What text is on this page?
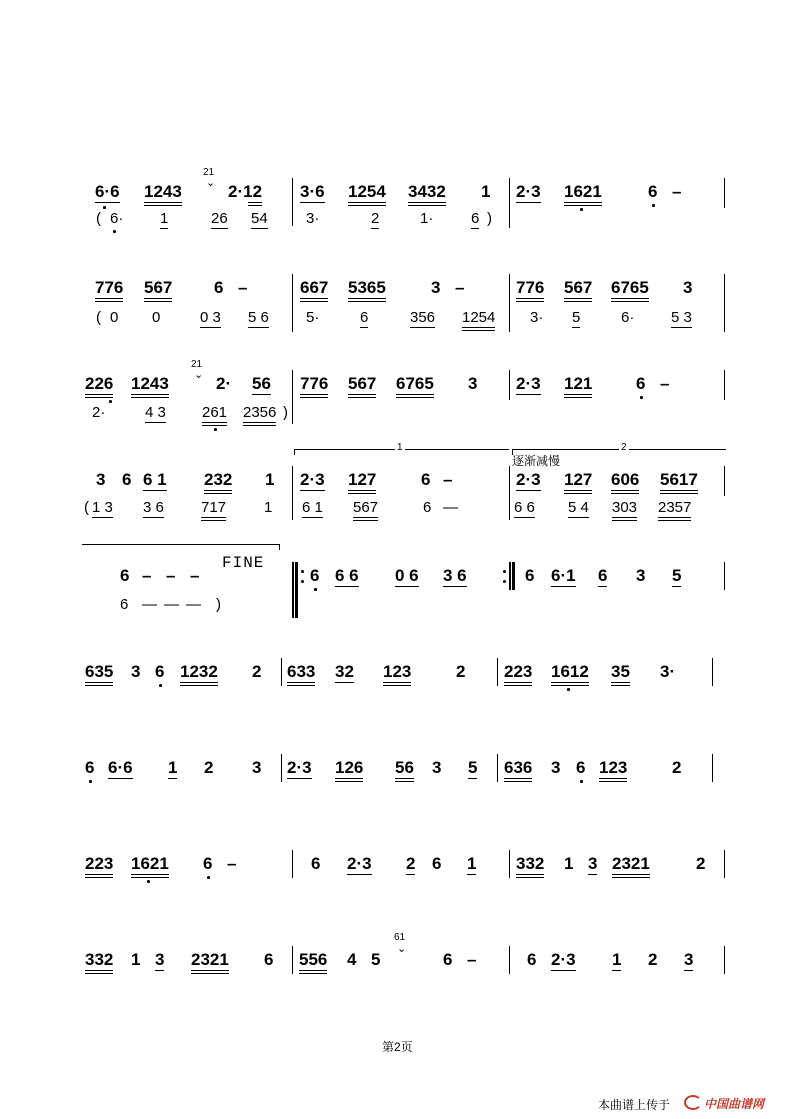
6·6 1243
21
⌄ 2·12 3·6 1254 3432 1 2·3 1621	6 –
( 6· 1	26 54	3·	2	1·	6 )
776 567 6 –	667 5365	3 –	776 567 6765 3
( 0 0	0 3 5 6 5·	6	356 1254 3· 5	6· 5 3
226 1243
21
⌄ 2· 56 776 567 6765 3 2·3 121	6 –
2·	4 3 261 2356 )
1	2
逐渐减慢
3 6 6 1 232 1 2·3 127	6 –	2·3 127 606 5617
( 1 3 3 6 717	1 6 1 567	6 —	6 6 5 4 303 2357
FINE
6 – – –	6 6 6 0 6 3 6	6 6·1 6 3 5
6 — — — )
635 3 6 1232 2 633 32 123	2 223 1612 35 3·
6 6·6 1 2 3 2·3 126 56 3 5 636 3 6 123	2
223 1621 6 –	6 2·3 2 6 1 332 1 3 2321	2
332 1 3 2321 6 556 4 5
61
⌄
6 –	6 2·3 1 2 3
第2页
本曲谱上传于	中国曲谱网
